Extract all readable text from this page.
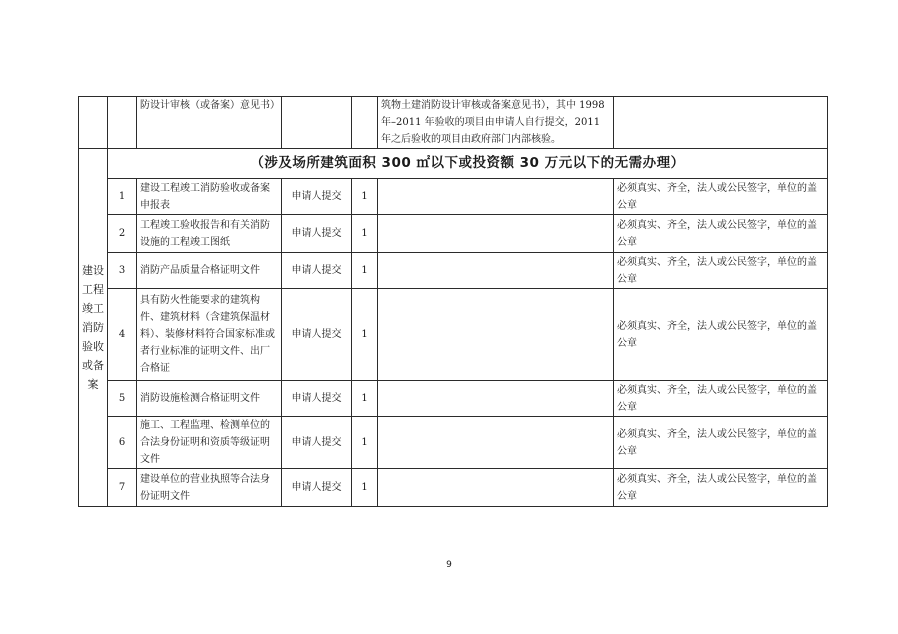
		防设计审核（或备案）意见书）			筑物土建消防设计审核或备案意见书），其中 1998 年–2011 年验收的项目由申请人自行提交，2011 年之后验收的项目由政府部门内部核验。	
建设工程竣工消防验收或备案	（涉及场所建筑面积 300 ㎡以下或投资额 30 万元以下的无需办理）					
	1	建设工程竣工消防验收或备案申报表	申请人提交	1		必须真实、齐全，法人或公民签字，单位的盖公章
	2	工程竣工验收报告和有关消防设施的工程竣工图纸	申请人提交	1		必须真实、齐全，法人或公民签字，单位的盖公章
	3	消防产品质量合格证明文件	申请人提交	1		必须真实、齐全，法人或公民签字，单位的盖公章
	4	具有防火性能要求的建筑构件、建筑材料（含建筑保温材料）、装修材料符合国家标准或者行业标准的证明文件、出厂合格证	申请人提交	1		必须真实、齐全，法人或公民签字，单位的盖公章
	5	消防设施检测合格证明文件	申请人提交	1		必须真实、齐全，法人或公民签字，单位的盖公章
	6	施工、工程监理、检测单位的合法身份证明和资质等级证明文件	申请人提交	1		必须真实、齐全，法人或公民签字，单位的盖公章
	7	建设单位的营业执照等合法身份证明文件	申请人提交	1		必须真实、齐全，法人或公民签字，单位的盖公章
9
